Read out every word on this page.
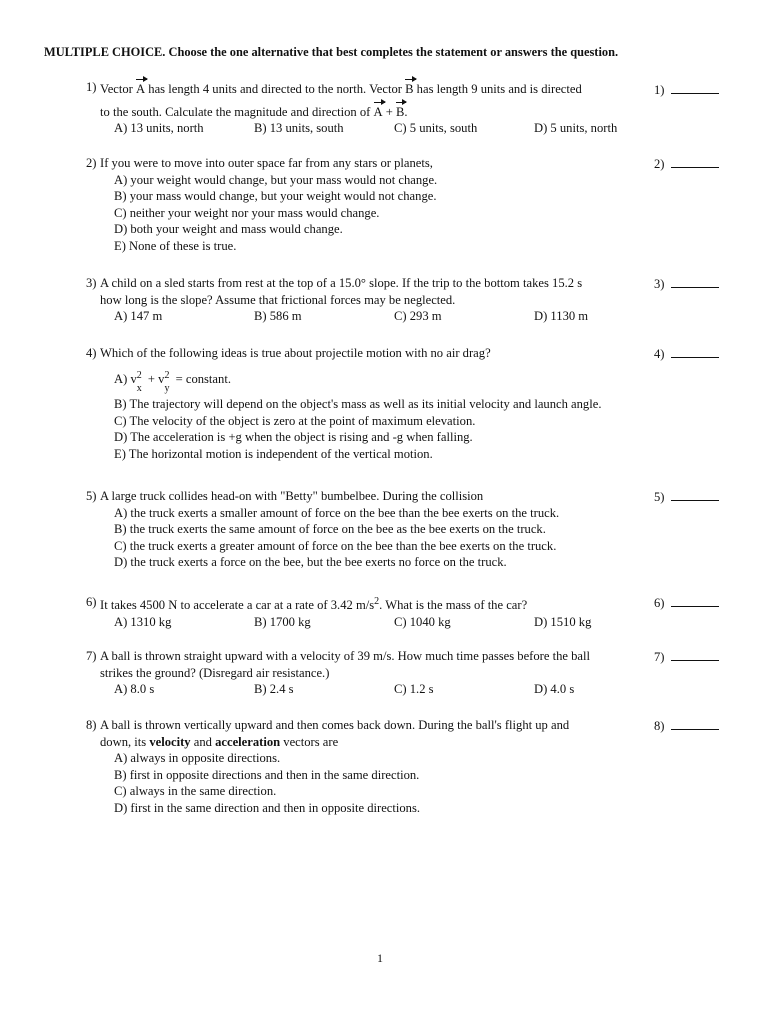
MULTIPLE CHOICE. Choose the one alternative that best completes the statement or answers the question.
1) Vector A has length 4 units and directed to the north. Vector B has length 9 units and is directed
to the south. Calculate the magnitude and direction of A + B.
A) 13 units, north	B) 13 units, south	C) 5 units, south	D) 5 units, north
1)
2) If you were to move into outer space far from any stars or planets,
A) your weight would change, but your mass would not change.
B) your mass would change, but your weight would not change.
C) neither your weight nor your mass would change.
D) both your weight and mass would change.
E) None of these is true.
2)
3) A child on a sled starts from rest at the top of a 15.0° slope. If the trip to the bottom takes 15.2 s
how long is the slope? Assume that frictional forces may be neglected.
A) 147 m	B) 586 m	C) 293 m	D) 1130 m
3)
4) Which of the following ideas is true about projectile motion with no air drag?
A) v 2
x
+ v 2
y
= constant.
B) The trajectory will depend on the object's mass as well as its initial velocity and launch angle.
C) The velocity of the object is zero at the point of maximum elevation.
D) The acceleration is +g when the object is rising and -g when falling.
E) The horizontal motion is independent of the vertical motion.
4)
5) A large truck collides head-on with "Betty" bumbelbee. During the collision
A) the truck exerts a smaller amount of force on the bee than the bee exerts on the truck.
B) the truck exerts the same amount of force on the bee as the bee exerts on the truck.
C) the truck exerts a greater amount of force on the bee than the bee exerts on the truck.
D) the truck exerts a force on the bee, but the bee exerts no force on the truck.
5)
6) It takes 4500 N to accelerate a car at a rate of 3.42 $m/s^2$. What is the mass of the car?
A) 1310 kg	B) 1700 kg	C) 1040 kg	D) 1510 kg
6)
7) A ball is thrown straight upward with a velocity of 39 m/s. How much time passes before the ball
strikes the ground? (Disregard air resistance.)
A) 8.0 s	B) 2.4 s	C) 1.2 s	D) 4.0 s
7)
8) A ball is thrown vertically upward and then comes back down. During the ball's flight up and
down, its velocity and acceleration vectors are
A) always in opposite directions.
B) first in opposite directions and then in the same direction.
C) always in the same direction.
D) first in the same direction and then in opposite directions.
8)
1
